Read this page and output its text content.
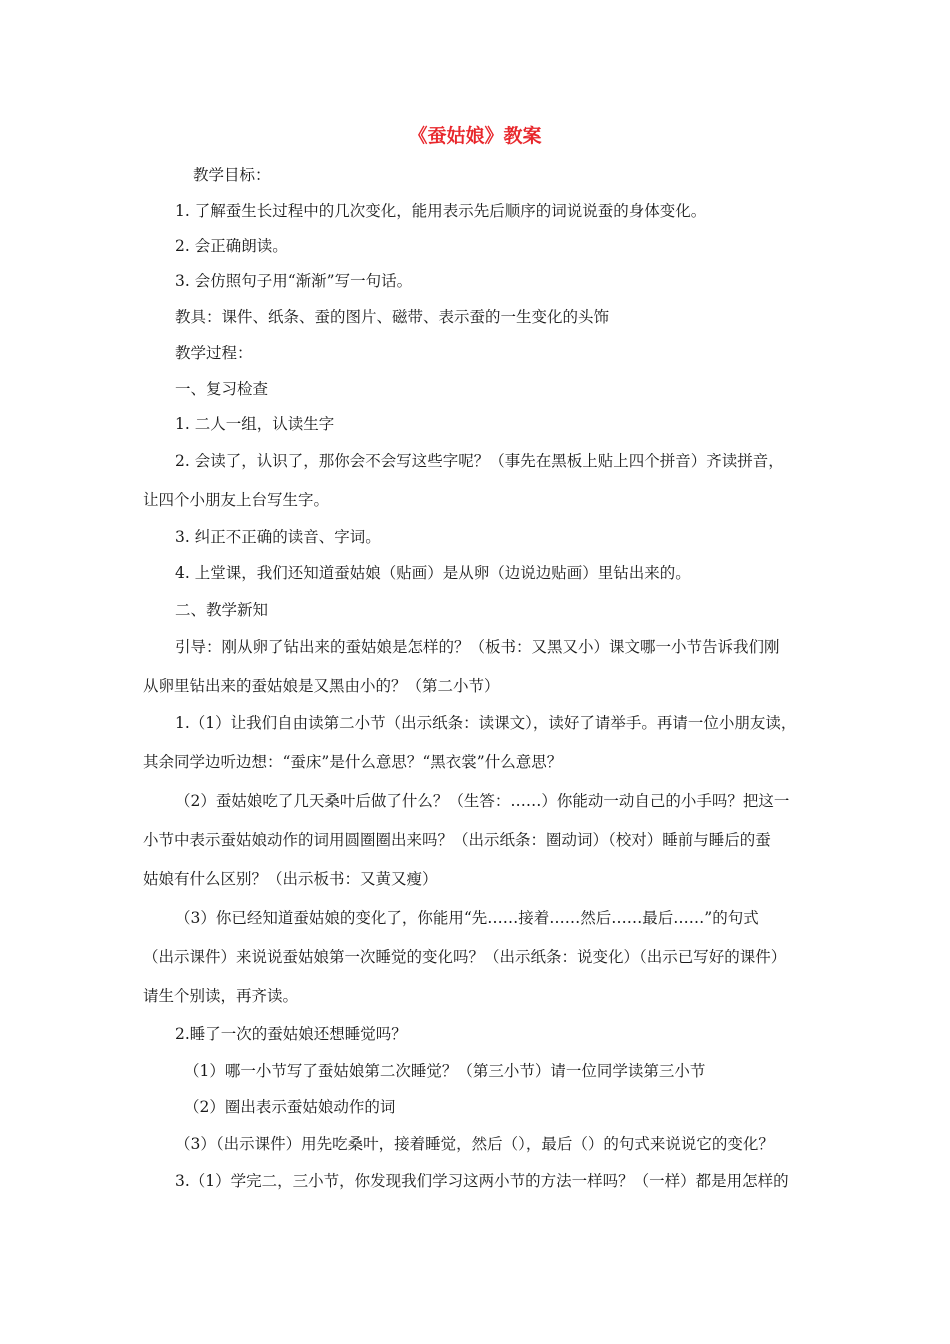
《蚕姑娘》教案
教学目标：
1. 了解蚕生长过程中的几次变化，能用表示先后顺序的词说说蚕的身体变化。
2. 会正确朗读。
3. 会仿照句子用“渐渐”写一句话。
教具：课件、纸条、蚕的图片、磁带、表示蚕的一生变化的头饰
教学过程：
一、复习检查
1. 二人一组，认读生字
2. 会读了，认识了，那你会不会写这些字呢？（事先在黑板上贴上四个拼音）齐读拼音，
让四个小朋友上台写生字。
3. 纠正不正确的读音、字词。
4. 上堂课，我们还知道蚕姑娘（贴画）是从卵（边说边贴画）里钻出来的。
二、教学新知
引导：刚从卵了钻出来的蚕姑娘是怎样的？（板书：又黑又小）课文哪一小节告诉我们刚
从卵里钻出来的蚕姑娘是又黑由小的？（第二小节）
1.（1）让我们自由读第二小节（出示纸条：读课文），读好了请举手。再请一位小朋友读，
其余同学边听边想：“蚕床”是什么意思？“黑衣裳”什么意思？
（2）蚕姑娘吃了几天桑叶后做了什么？（生答：……）你能动一动自己的小手吗？把这一
小节中表示蚕姑娘动作的词用圆圈圈出来吗？（出示纸条：圈动词）（校对）睡前与睡后的蚕
姑娘有什么区别？（出示板书：又黄又瘦）
（3）你已经知道蚕姑娘的变化了，你能用“先……接着……然后……最后……”的句式
（出示课件）来说说蚕姑娘第一次睡觉的变化吗？（出示纸条：说变化）（出示已写好的课件）
请生个别读，再齐读。
2.睡了一次的蚕姑娘还想睡觉吗？
（1）哪一小节写了蚕姑娘第二次睡觉？（第三小节）请一位同学读第三小节
（2）圈出表示蚕姑娘动作的词
（3）（出示课件）用先吃桑叶，接着睡觉，然后（），最后（）的句式来说说它的变化？
3.（1）学完二，三小节，你发现我们学习这两小节的方法一样吗？（一样）都是用怎样的
